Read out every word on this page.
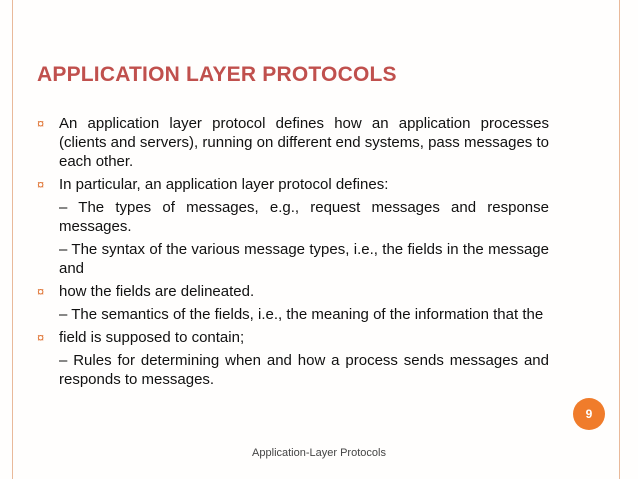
APPLICATION LAYER PROTOCOLS
¤ An application layer protocol defines how an application processes (clients and servers), running on different end systems, pass messages to each other.
¤ In particular, an application layer protocol defines:
– The types of messages, e.g., request messages and response messages.
– The syntax of the various message types, i.e., the fields in the message and
¤ how the fields are delineated.
– The semantics of the fields, i.e., the meaning of the information that the
¤ field is supposed to contain;
– Rules for determining when and how a process sends messages and responds to messages.
9
Application-Layer Protocols
